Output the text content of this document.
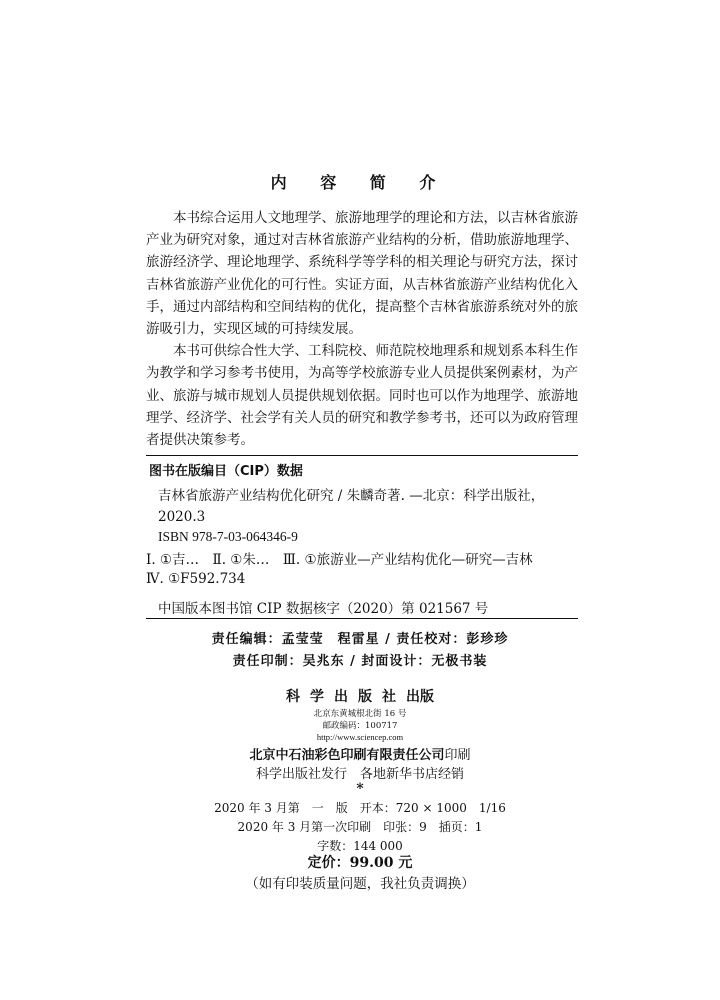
内 容 简 介

本书综合运用人文地理学、旅游地理学的理论和方法，以吉林省旅游产业为研究对象，通过对吉林省旅游产业结构的分析，借助旅游地理学、旅游经济学、理论地理学、系统科学等学科的相关理论与研究方法，探讨吉林省旅游产业优化的可行性。实证方面，从吉林省旅游产业结构优化入手，通过内部结构和空间结构的优化，提高整个吉林省旅游系统对外的旅游吸引力，实现区域的可持续发展。

本书可供综合性大学、工科院校、师范院校地理系和规划系本科生作为教学和学习参考书使用，为高等学校旅游专业人员提供案例素材，为产业、旅游与城市规划人员提供规划依据。同时也可以作为地理学、旅游地理学、经济学、社会学有关人员的研究和教学参考书，还可以为政府管理者提供决策参考。

图书在版编目（CIP）数据
吉林省旅游产业结构优化研究 / 朱麟奇著. —北京：科学出版社，2020.3
ISBN 978-7-03-064346-9
Ⅰ. ①吉…　Ⅱ. ①朱…　Ⅲ. ①旅游业—产业结构优化—研究—吉林
Ⅳ. ①F592.734
中国版本图书馆 CIP 数据核字（2020）第 021567 号
责任编辑：孟莹莹　程雷星 / 责任校对：彭珍珍
责任印制：吴兆东 / 封面设计：无极书装
科学出版社出版
北京东黄城根北街 16 号
邮政编码：100717
http://www.sciencep.com
北京中石油彩色印刷有限责任公司印刷
科学出版社发行　各地新华书店经销
*
2020 年 3 月第　一　版　开本：720 × 1000　1/16
2020 年 3 月第一次印刷　印张：9　插页：1
字数：144 000
定价：99.00 元
（如有印装质量问题，我社负责调换）
